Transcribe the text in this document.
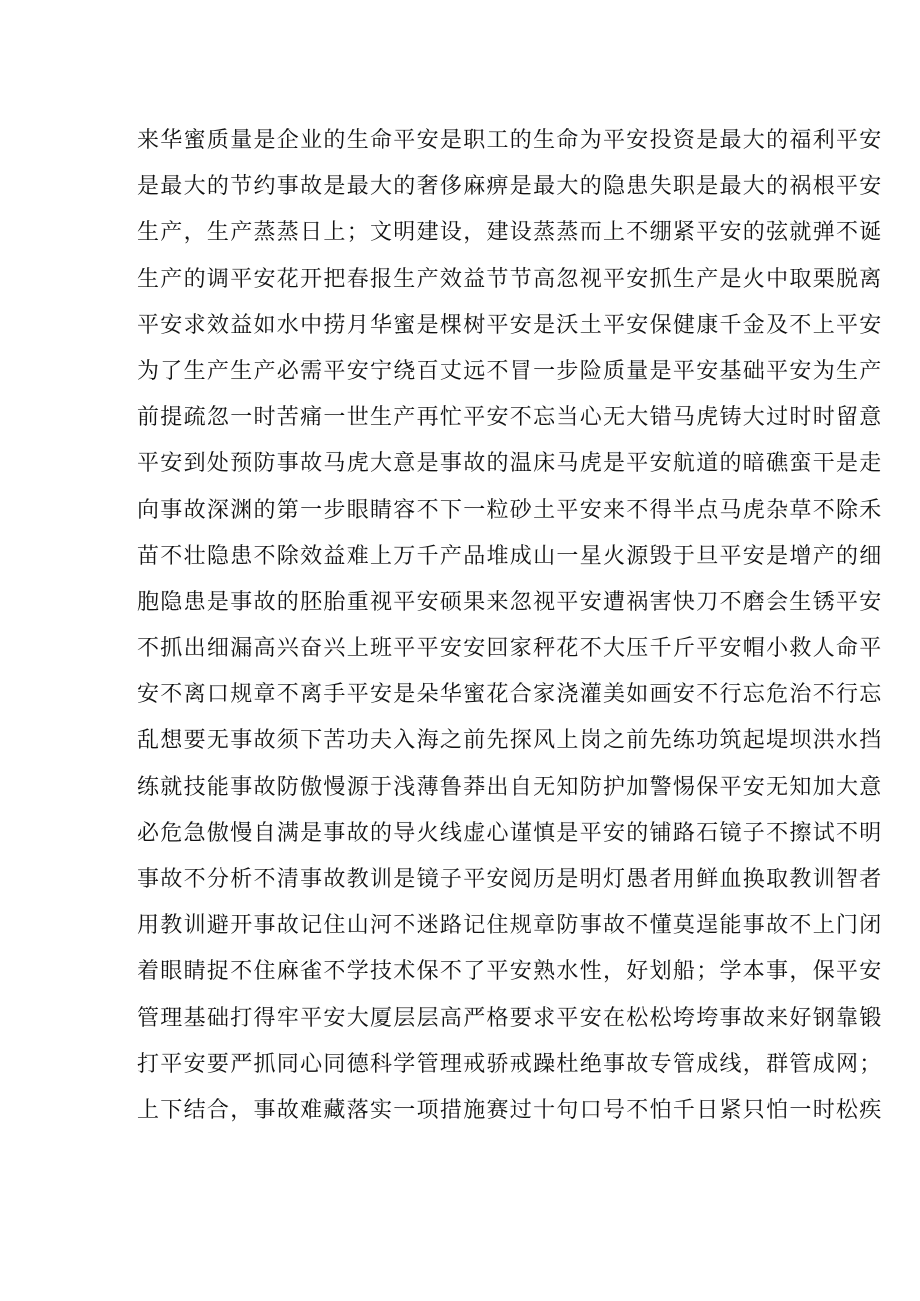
来华蜜质量是企业的生命平安是职工的生命为平安投资是最大的福利平安
是最大的节约事故是最大的奢侈麻痹是最大的隐患失职是最大的祸根平安
生产，生产蒸蒸日上；文明建设，建设蒸蒸而上不绷紧平安的弦就弹不诞
生产的调平安花开把春报生产效益节节高忽视平安抓生产是火中取栗脱离
平安求效益如水中捞月华蜜是棵树平安是沃土平安保健康千金及不上平安
为了生产生产必需平安宁绕百丈远不冒一步险质量是平安基础平安为生产
前提疏忽一时苦痛一世生产再忙平安不忘当心无大错马虎铸大过时时留意
平安到处预防事故马虎大意是事故的温床马虎是平安航道的暗礁蛮干是走
向事故深渊的第一步眼睛容不下一粒砂土平安来不得半点马虎杂草不除禾
苗不壮隐患不除效益难上万千产品堆成山一星火源毁于旦平安是增产的细
胞隐患是事故的胚胎重视平安硕果来忽视平安遭祸害快刀不磨会生锈平安
不抓出细漏高兴奋兴上班平平安安回家秤花不大压千斤平安帽小救人命平
安不离口规章不离手平安是朵华蜜花合家浇灌美如画安不行忘危治不行忘
乱想要无事故须下苦功夫入海之前先探风上岗之前先练功筑起堤坝洪水挡
练就技能事故防傲慢源于浅薄鲁莽出自无知防护加警惕保平安无知加大意
必危急傲慢自满是事故的导火线虚心谨慎是平安的铺路石镜子不擦试不明
事故不分析不清事故教训是镜子平安阅历是明灯愚者用鲜血换取教训智者
用教训避开事故记住山河不迷路记住规章防事故不懂莫逞能事故不上门闭
着眼睛捉不住麻雀不学技术保不了平安熟水性，好划船；学本事，保平安
管理基础打得牢平安大厦层层高严格要求平安在松松垮垮事故来好钢靠锻
打平安要严抓同心同德科学管理戒骄戒躁杜绝事故专管成线，群管成网；
上下结合，事故难藏落实一项措施赛过十句口号不怕千日紧只怕一时松疾
